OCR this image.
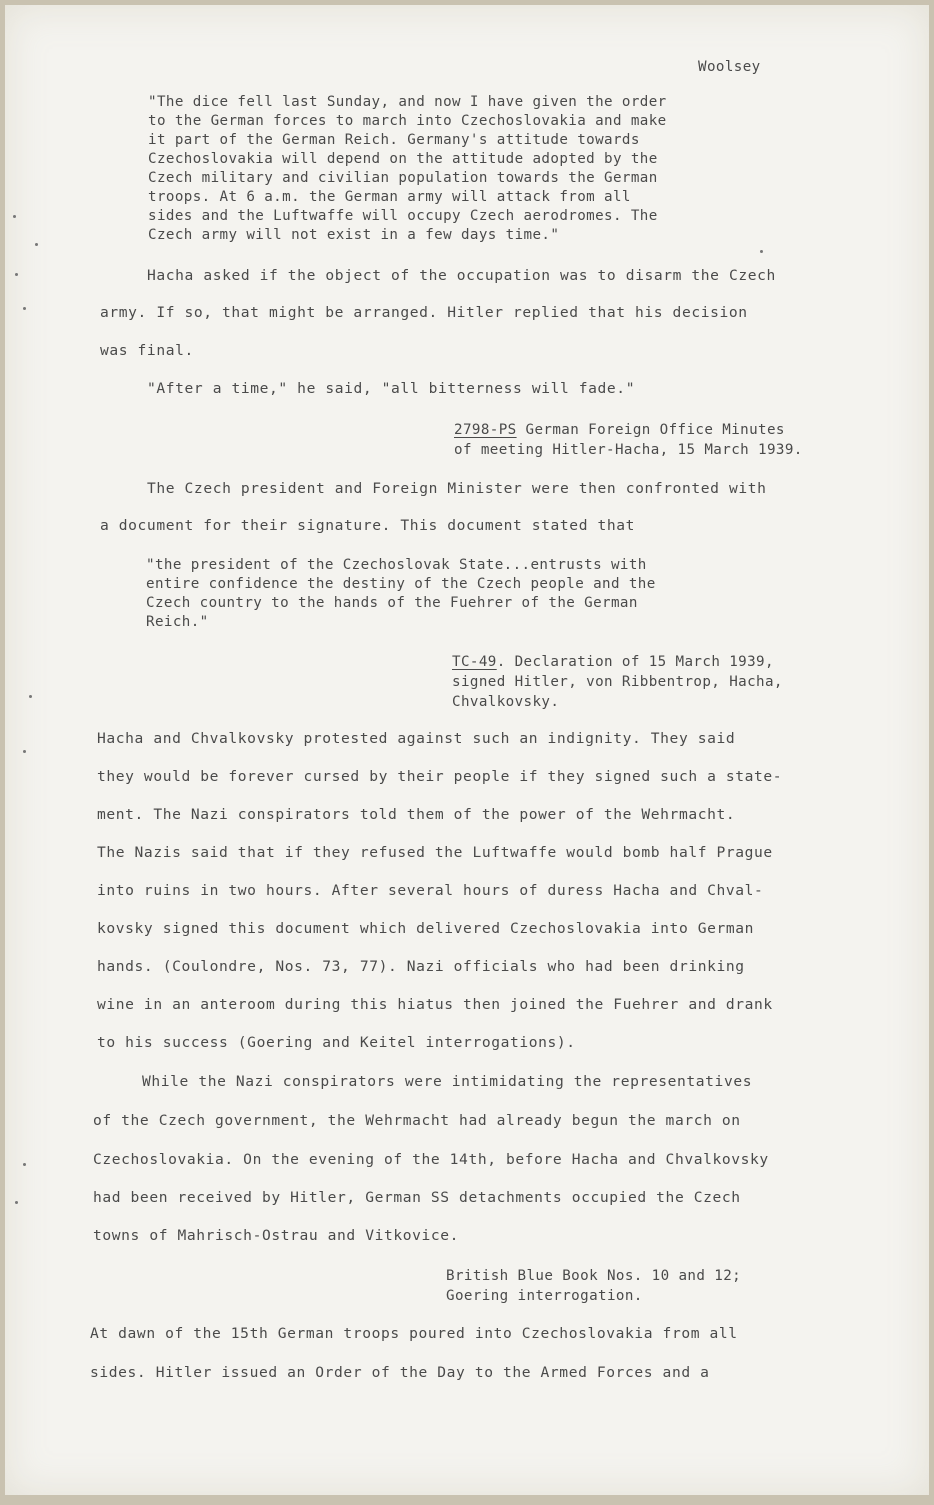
Woolsey
"The dice fell last Sunday, and now I have given the order
to the German forces to march into Czechoslovakia and make
it part of the German Reich. Germany's attitude towards
Czechoslovakia will depend on the attitude adopted by the
Czech military and civilian population towards the German
troops. At 6 a.m. the German army will attack from all
sides and the Luftwaffe will occupy Czech aerodromes. The
Czech army will not exist in a few days time."
Hacha asked if the object of the occupation was to disarm the Czech
army. If so, that might be arranged. Hitler replied that his decision
was final.
"After a time," he said, "all bitterness will fade."
2798-PS German Foreign Office Minutes
of meeting Hitler-Hacha, 15 March 1939.
The Czech president and Foreign Minister were then confronted with
a document for their signature. This document stated that
"the president of the Czechoslovak State...entrusts with
entire confidence the destiny of the Czech people and the
Czech country to the hands of the Fuehrer of the German
Reich."
TC-49. Declaration of 15 March 1939,
signed Hitler, von Ribbentrop, Hacha,
Chvalkovsky.
Hacha and Chvalkovsky protested against such an indignity. They said
they would be forever cursed by their people if they signed such a state-
ment. The Nazi conspirators told them of the power of the Wehrmacht.
The Nazis said that if they refused the Luftwaffe would bomb half Prague
into ruins in two hours. After several hours of duress Hacha and Chval-
kovsky signed this document which delivered Czechoslovakia into German
hands. (Coulondre, Nos. 73, 77). Nazi officials who had been drinking
wine in an anteroom during this hiatus then joined the Fuehrer and drank
to his success (Goering and Keitel interrogations).
While the Nazi conspirators were intimidating the representatives
of the Czech government, the Wehrmacht had already begun the march on
Czechoslovakia. On the evening of the 14th, before Hacha and Chvalkovsky
had been received by Hitler, German SS detachments occupied the Czech
towns of Mahrisch-Ostrau and Vitkovice.
British Blue Book Nos. 10 and 12;
Goering interrogation.
At dawn of the 15th German troops poured into Czechoslovakia from all
sides. Hitler issued an Order of the Day to the Armed Forces and a
